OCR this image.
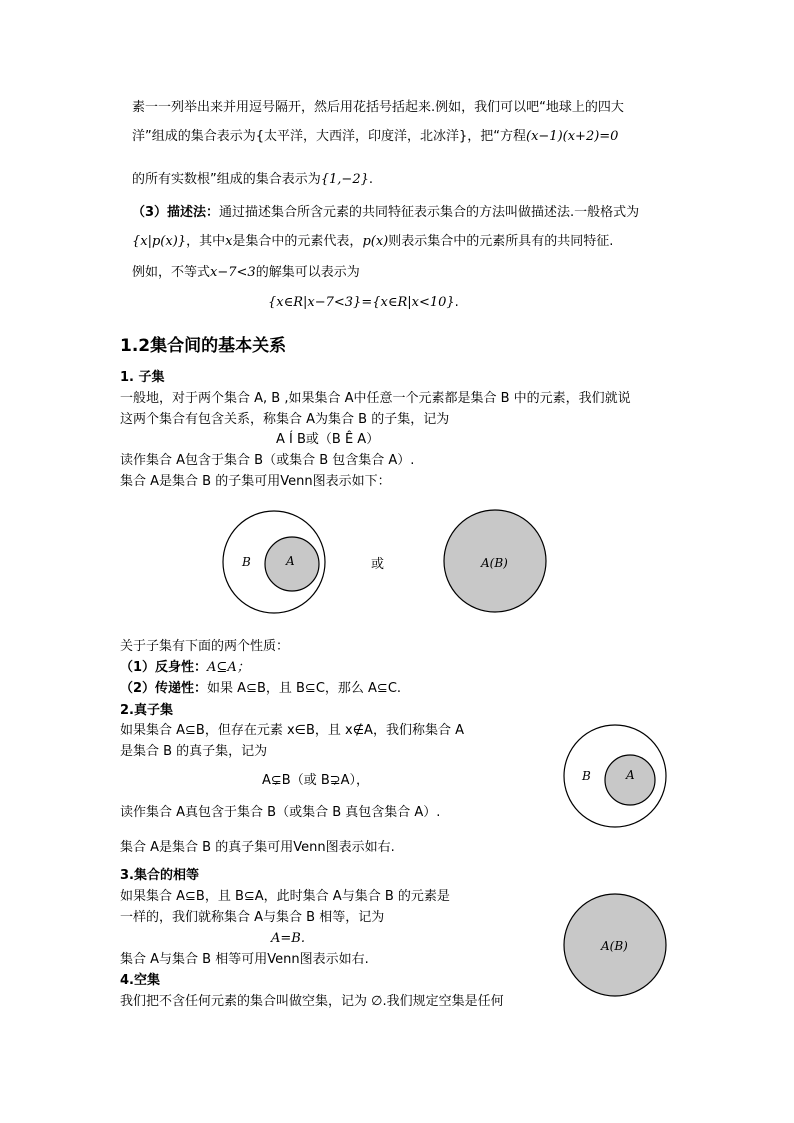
素一一列举出来并用逗号隔开，然后用花括号括起来.例如，我们可以吧“地球上的四大
洋”组成的集合表示为{太平洋，大西洋，印度洋，北冰洋}，把“方程(x−1)(x+2)=0
的所有实数根”组成的集合表示为{1,−2}.
（3）描述法：通过描述集合所含元素的共同特征表示集合的方法叫做描述法.一般格式为
{x|p(x)}，其中x是集合中的元素代表，p(x)则表示集合中的元素所具有的共同特征.
例如，不等式x−7<3的解集可以表示为
{x∈R|x−7<3}={x∈R|x<10}.
1.2集合间的基本关系
1. 子集
一般地，对于两个集合 A, B ,如果集合 A中任意一个元素都是集合 B 中的元素，我们就说
这两个集合有包含关系，称集合 A为集合 B 的子集，记为
A Í B或（B Ê A）
读作集合 A包含于集合 B（或集合 B 包含集合 A）.
集合 A是集合 B 的子集可用Venn图表示如下：
B	A	或	A(B)
关于子集有下面的两个性质：
（1）反身性：A⊆A；
（2）传递性：如果 A⊆B，且 B⊆C，那么 A⊆C.
2.真子集
如果集合 A⊆B，但存在元素 x∈B，且 x∉A，我们称集合 A
是集合 B 的真子集，记为
A⊊B（或 B⊋A），
读作集合 A真包含于集合 B（或集合 B 真包含集合 A）.
集合 A是集合 B 的真子集可用Venn图表示如右.
B	A
3.集合的相等
如果集合 A⊆B，且 B⊆A，此时集合 A与集合 B 的元素是
一样的，我们就称集合 A与集合 B 相等，记为
A=B.
集合 A与集合 B 相等可用Venn图表示如右.
A(B)
4.空集
我们把不含任何元素的集合叫做空集，记为 ∅.我们规定空集是任何
